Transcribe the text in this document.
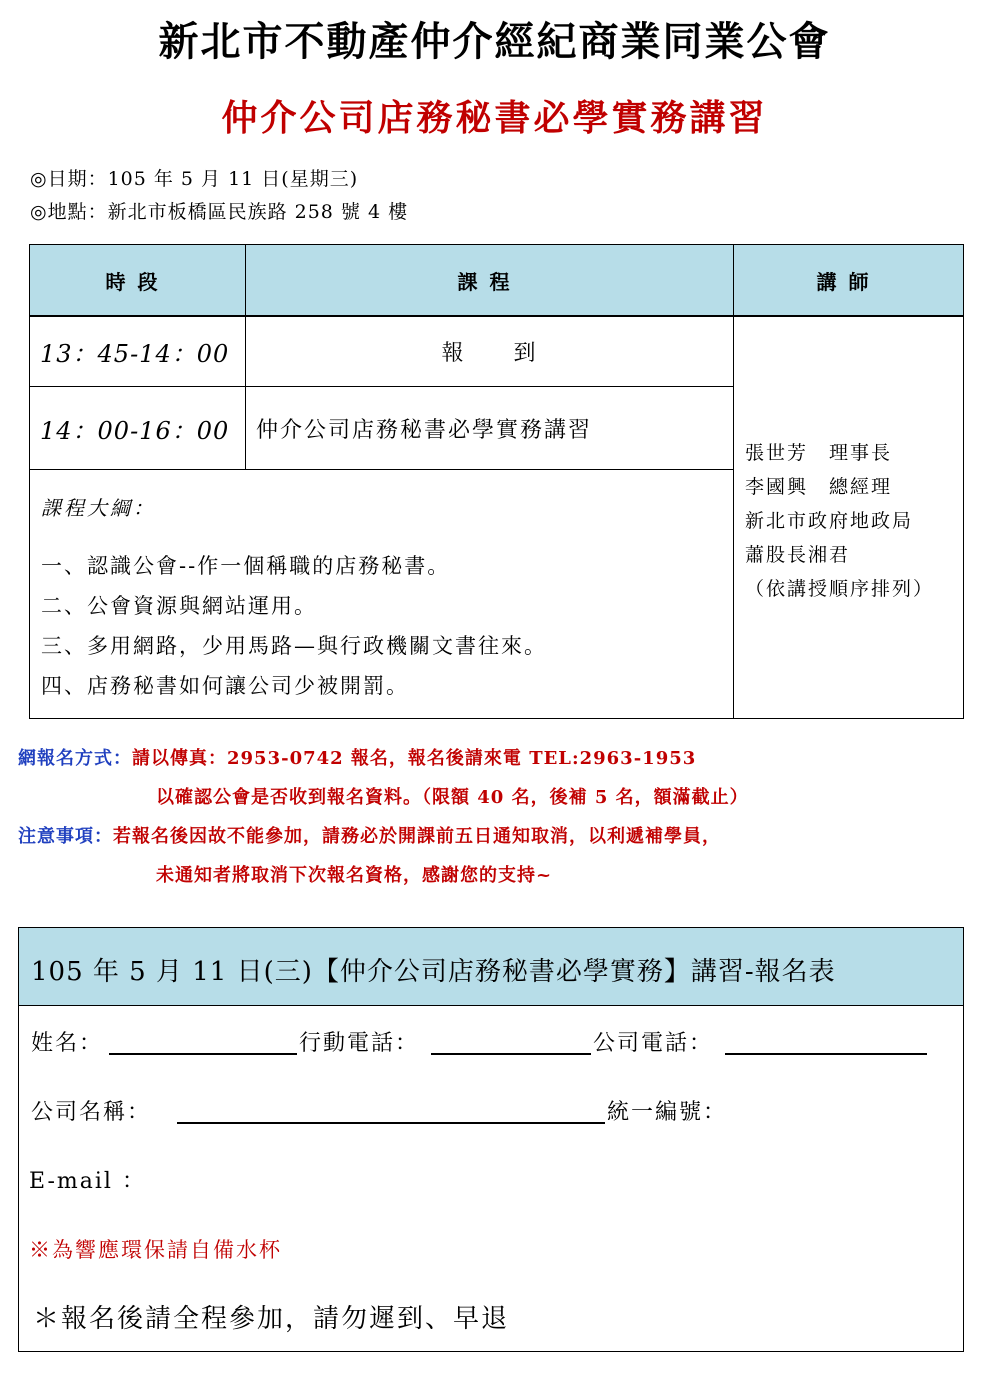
新北市不動產仲介經紀商業同業公會
仲介公司店務秘書必學實務講習
◎日期：105 年 5 月 11 日(星期三)
◎地點：新北市板橋區民族路 258 號 4 樓
時段	課程	講師
13：45-14：00	報　　到
14：00-16：00	仲介公司店務秘書必學實務講習
課程大綱：
一、認識公會--作一個稱職的店務秘書。
二、公會資源與網站運用。
三、多用網路，少用馬路—與行政機關文書往來。
四、店務秘書如何讓公司少被開罰。
張世芳　理事長
李國興　總經理
新北市政府地政局
蕭股長湘君
（依講授順序排列）
網報名方式：請以傳真：2953-0742 報名，報名後請來電 TEL:2963-1953
以確認公會是否收到報名資料。（限額 40 名，後補 5 名，額滿截止）
注意事項：若報名後因故不能參加，請務必於開課前五日通知取消，以利遞補學員，
未通知者將取消下次報名資格，感謝您的支持~
105 年 5 月 11 日(三)【仲介公司店務秘書必學實務】講習-報名表
姓名：	行動電話：	公司電話：
公司名稱：	統一編號：
E-mail ：
※為響應環保請自備水杯
＊報名後請全程參加，請勿遲到、早退
